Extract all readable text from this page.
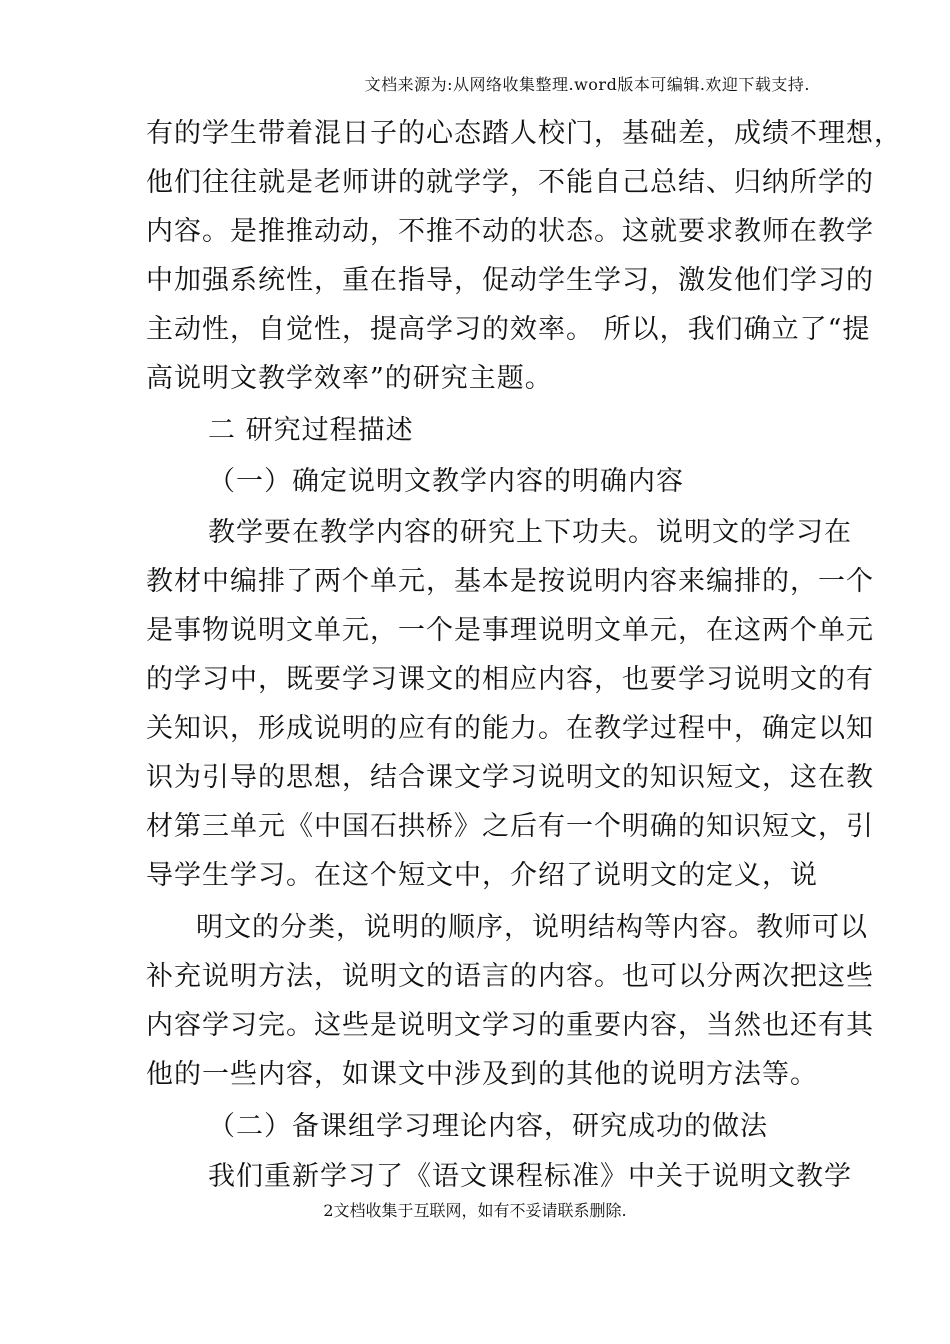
文档来源为:从网络收集整理.word版本可编辑.欢迎下载支持.
有的学生带着混日子的心态踏人校门，基础差，成绩不理想，
他们往往就是老师讲的就学学，不能自己总结、归纳所学的
内容。是推推动动，不推不动的状态。这就要求教师在教学
中加强系统性，重在指导，促动学生学习，激发他们学习的
主动性，自觉性，提高学习的效率。 所以，我们确立了“提
高说明文教学效率”的研究主题。
二 研究过程描述
（一）确定说明文教学内容的明确内容
教学要在教学内容的研究上下功夫。说明文的学习在
教材中编排了两个单元，基本是按说明内容来编排的，一个
是事物说明文单元，一个是事理说明文单元，在这两个单元
的学习中，既要学习课文的相应内容，也要学习说明文的有
关知识，形成说明的应有的能力。在教学过程中，确定以知
识为引导的思想，结合课文学习说明文的知识短文，这在教
材第三单元《中国石拱桥》之后有一个明确的知识短文，引
导学生学习。在这个短文中，介绍了说明文的定义，说
明文的分类，说明的顺序，说明结构等内容。教师可以
补充说明方法，说明文的语言的内容。也可以分两次把这些
内容学习完。这些是说明文学习的重要内容，当然也还有其
他的一些内容，如课文中涉及到的其他的说明方法等。
（二）备课组学习理论内容，研究成功的做法
我们重新学习了《语文课程标准》中关于说明文教学
2文档收集于互联网，如有不妥请联系删除.
